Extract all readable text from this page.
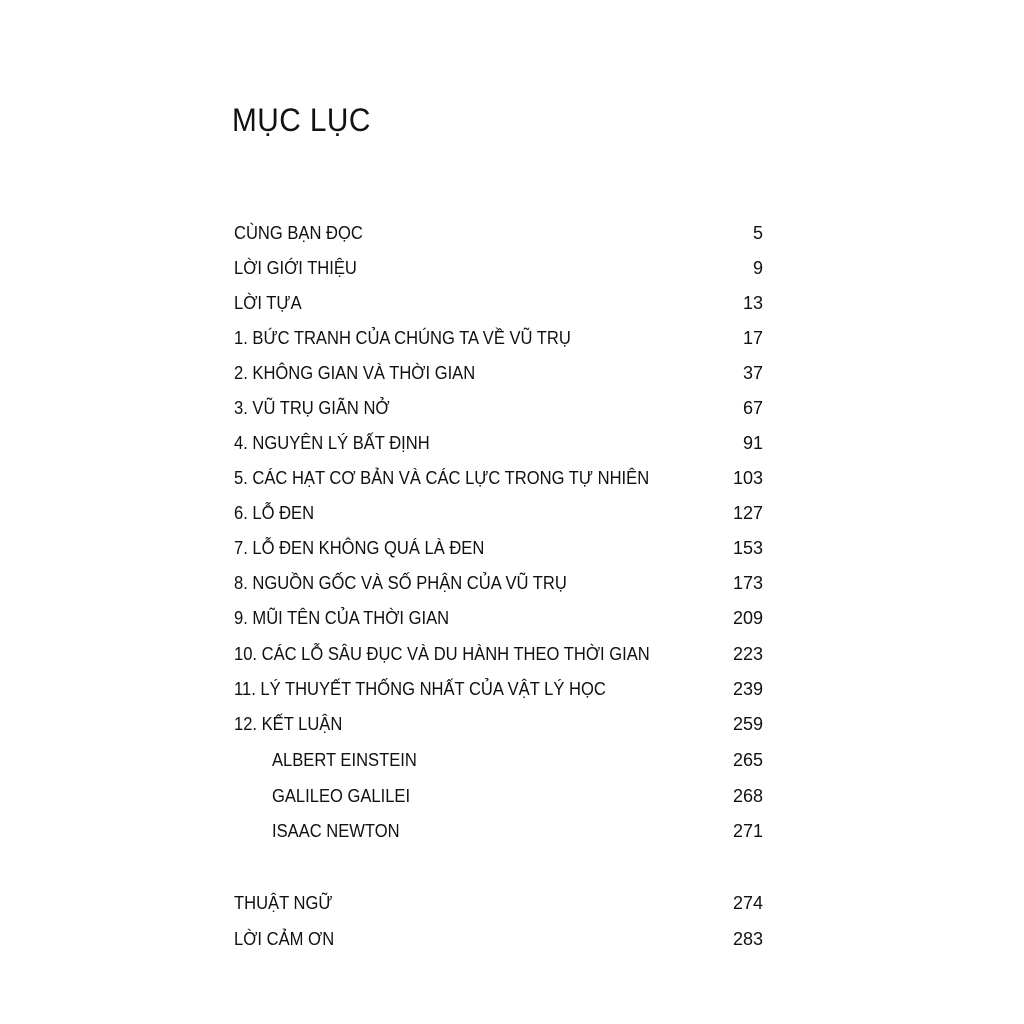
MỤC LỤC
CÙNG BẠN ĐỌC	5
LỜI GIỚI THIỆU	9
LỜI TỰA	13
1. BỨC TRANH CỦA CHÚNG TA VỀ VŨ TRỤ	17
2. KHÔNG GIAN VÀ THỜI GIAN	37
3. VŨ TRỤ GIÃN NỞ	67
4. NGUYÊN LÝ BẤT ĐỊNH	91
5. CÁC HẠT CƠ BẢN VÀ CÁC LỰC TRONG TỰ NHIÊN	103
6. LỖ ĐEN	127
7. LỖ ĐEN KHÔNG QUÁ LÀ ĐEN	153
8. NGUỒN GỐC VÀ SỐ PHẬN CỦA VŨ TRỤ	173
9. MŨI TÊN CỦA THỜI GIAN	209
10. CÁC LỖ SÂU ĐỤC VÀ DU HÀNH THEO THỜI GIAN	223
11. LÝ THUYẾT THỐNG NHẤT CỦA VẬT LÝ HỌC	239
12. KẾT LUẬN	259
ALBERT EINSTEIN	265
GALILEO GALILEI	268
ISAAC NEWTON	271
THUẬT NGỮ	274
LỜI CẢM ƠN	283
